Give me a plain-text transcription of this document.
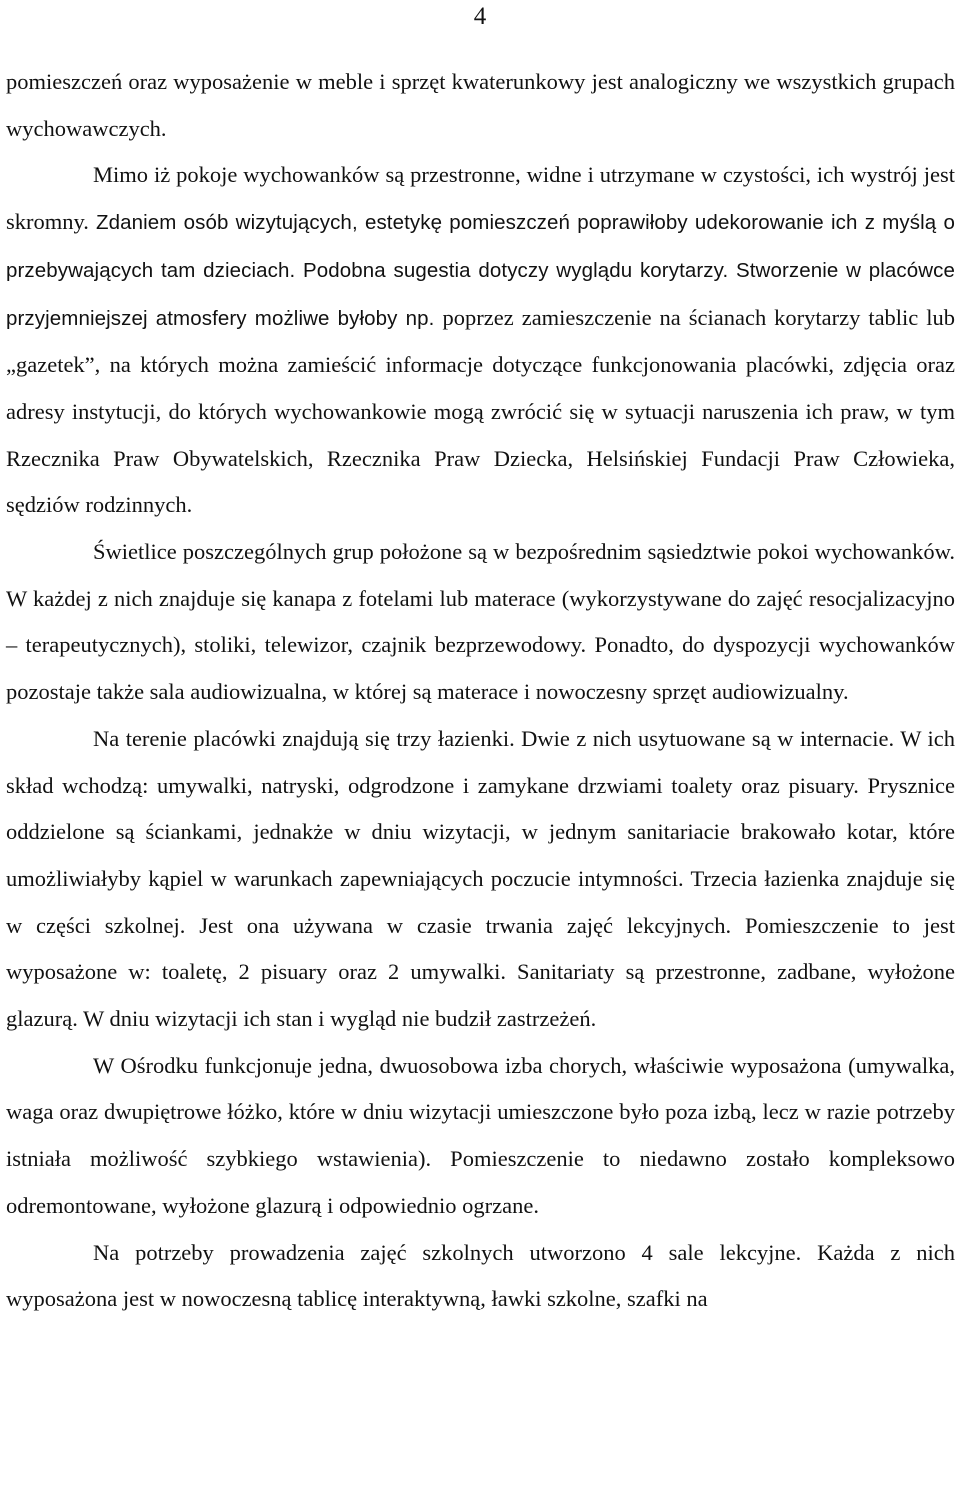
4

pomieszczeń oraz wyposażenie w meble i sprzęt kwaterunkowy jest analogiczny we wszystkich grupach wychowawczych.

Mimo iż pokoje wychowanków są przestronne, widne i utrzymane w czystości, ich wystrój jest skromny. Zdaniem osób wizytujących, estetykę pomieszczeń poprawiłoby udekorowanie ich z myślą o przebywających tam dzieciach. Podobna sugestia dotyczy wyglądu korytarzy. Stworzenie w placówce przyjemniejszej atmosfery możliwe byłoby np. poprzez zamieszczenie na ścianach korytarzy tablic lub „gazetek”, na których można zamieścić informacje dotyczące funkcjonowania placówki, zdjęcia oraz adresy instytucji, do których wychowankowie mogą zwrócić się w sytuacji naruszenia ich praw, w tym Rzecznika Praw Obywatelskich, Rzecznika Praw Dziecka, Helsińskiej Fundacji Praw Człowieka, sędziów rodzinnych.

Świetlice poszczególnych grup położone są w bezpośrednim sąsiedztwie pokoi wychowanków. W każdej z nich znajduje się kanapa z fotelami lub materace (wykorzystywane do zajęć resocjalizacyjno – terapeutycznych), stoliki, telewizor, czajnik bezprzewodowy. Ponadto, do dyspozycji wychowanków pozostaje także sala audiowizualna, w której są materace i nowoczesny sprzęt audiowizualny.

Na terenie placówki znajdują się trzy łazienki. Dwie z nich usytuowane są w internacie. W ich skład wchodzą: umywalki, natryski, odgrodzone i zamykane drzwiami toalety oraz pisuary. Prysznice oddzielone są ściankami, jednakże w dniu wizytacji, w jednym sanitariacie brakowało kotar, które umożliwiałyby kąpiel w warunkach zapewniających poczucie intymności. Trzecia łazienka znajduje się w części szkolnej. Jest ona używana w czasie trwania zajęć lekcyjnych. Pomieszczenie to jest wyposażone w: toaletę, 2 pisuary oraz 2 umywalki. Sanitariaty są przestronne, zadbane, wyłożone glazurą. W dniu wizytacji ich stan i wygląd nie budził zastrzeżeń.

W Ośrodku funkcjonuje jedna, dwuosobowa izba chorych, właściwie wyposażona (umywalka, waga oraz dwupiętrowe łóżko, które w dniu wizytacji umieszczone było poza izbą, lecz w razie potrzeby istniała możliwość szybkiego wstawienia). Pomieszczenie to niedawno zostało kompleksowo odremontowane, wyłożone glazurą i odpowiednio ogrzane.

Na potrzeby prowadzenia zajęć szkolnych utworzono 4 sale lekcyjne. Każda z nich wyposażona jest w nowoczesną tablicę interaktywną, ławki szkolne, szafki na
